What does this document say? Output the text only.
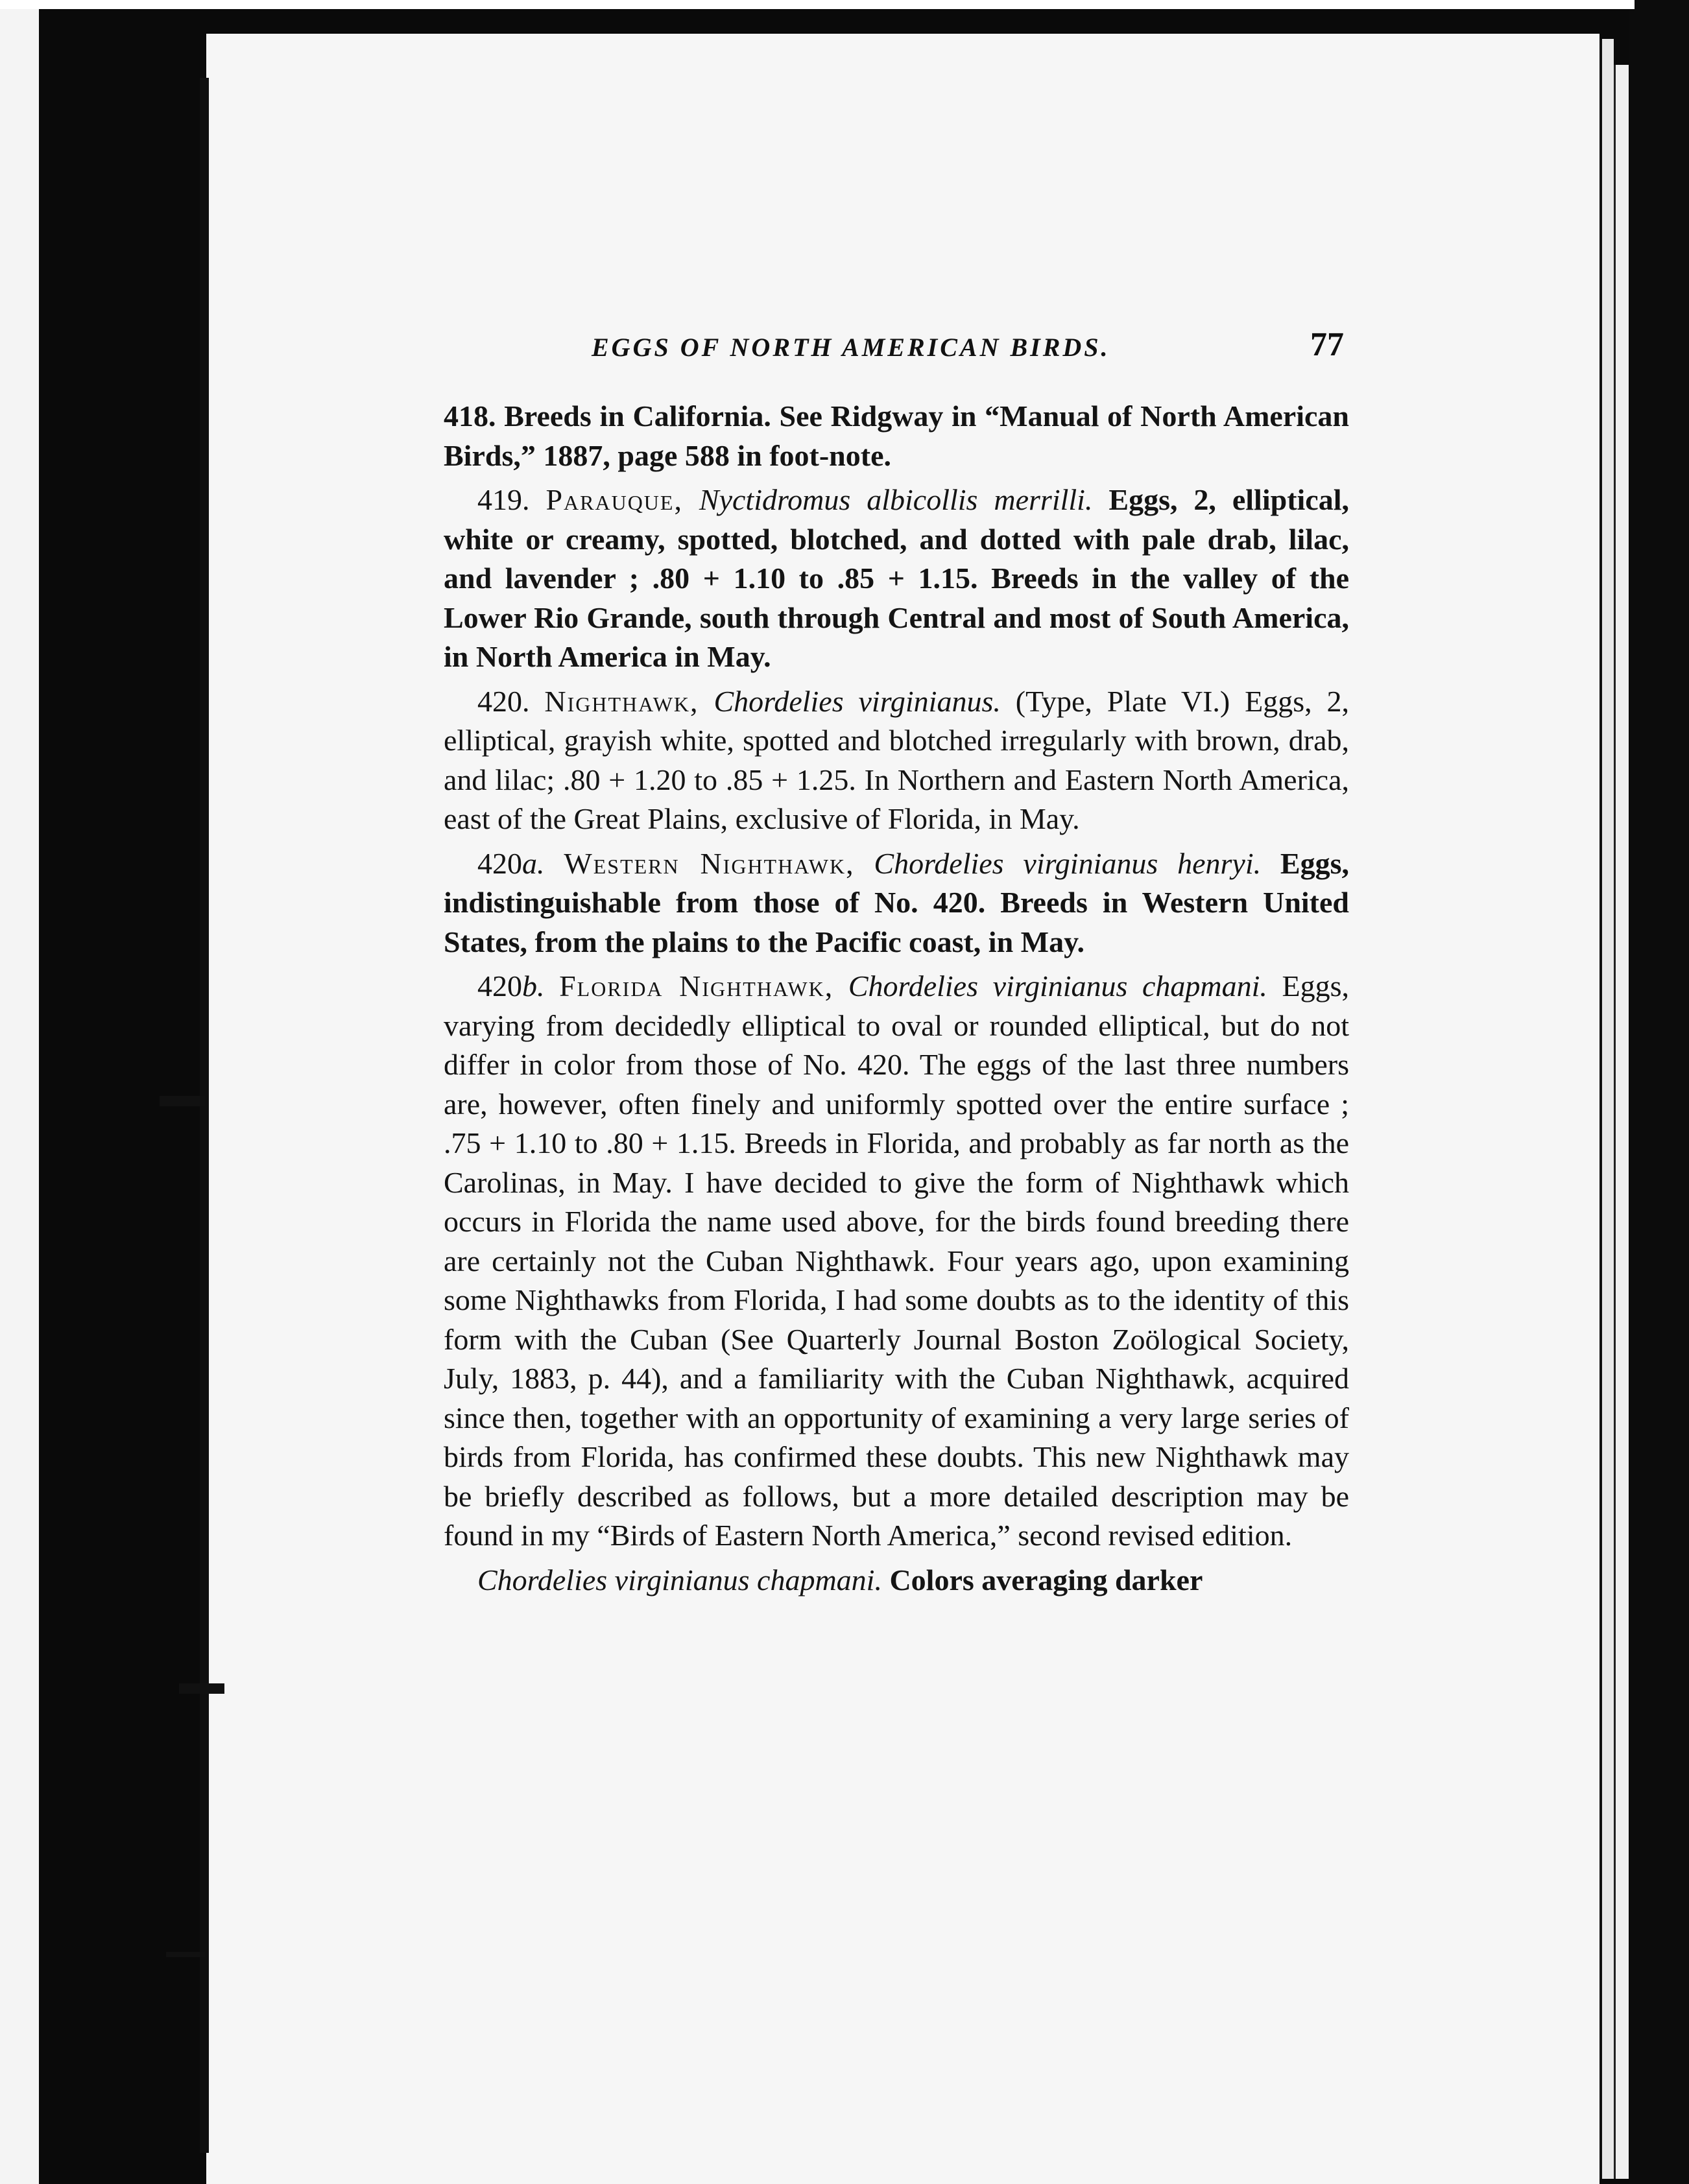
EGGS OF NORTH AMERICAN BIRDS.	77

418. Breeds in California. See Ridgway in “Manual of North American Birds,” 1887, page 588 in foot-note.

419. Parauque, Nyctidromus albicollis merrilli. Eggs, 2, elliptical, white or creamy, spotted, blotched, and dotted with pale drab, lilac, and lavender ; .80 + 1.10 to .85 + 1.15. Breeds in the valley of the Lower Rio Grande, south through Central and most of South America, in North America in May.

420. Nighthawk, Chordelies virginianus. (Type, Plate VI.) Eggs, 2, elliptical, grayish white, spotted and blotched irregularly with brown, drab, and lilac; .80 + 1.20 to .85 + 1.25. In Northern and Eastern North America, east of the Great Plains, exclusive of Florida, in May.

420a. Western Nighthawk, Chordelies virginianus henryi. Eggs, indistinguishable from those of No. 420. Breeds in Western United States, from the plains to the Pacific coast, in May.

420b. Florida Nighthawk, Chordelies virginianus chapmani. Eggs, varying from decidedly elliptical to oval or rounded elliptical, but do not differ in color from those of No. 420. The eggs of the last three numbers are, however, often finely and uniformly spotted over the entire surface ; .75 + 1.10 to .80 + 1.15. Breeds in Florida, and probably as far north as the Carolinas, in May. I have decided to give the form of Nighthawk which occurs in Florida the name used above, for the birds found breeding there are certainly not the Cuban Nighthawk. Four years ago, upon examining some Nighthawks from Florida, I had some doubts as to the identity of this form with the Cuban (See Quarterly Journal Boston Zoölogical Society, July, 1883, p. 44), and a familiarity with the Cuban Nighthawk, acquired since then, together with an opportunity of examining a very large series of birds from Florida, has confirmed these doubts. This new Nighthawk may be briefly described as follows, but a more detailed description may be found in my “Birds of Eastern North America,” second revised edition.

Chordelies virginianus chapmani. Colors averaging darker
